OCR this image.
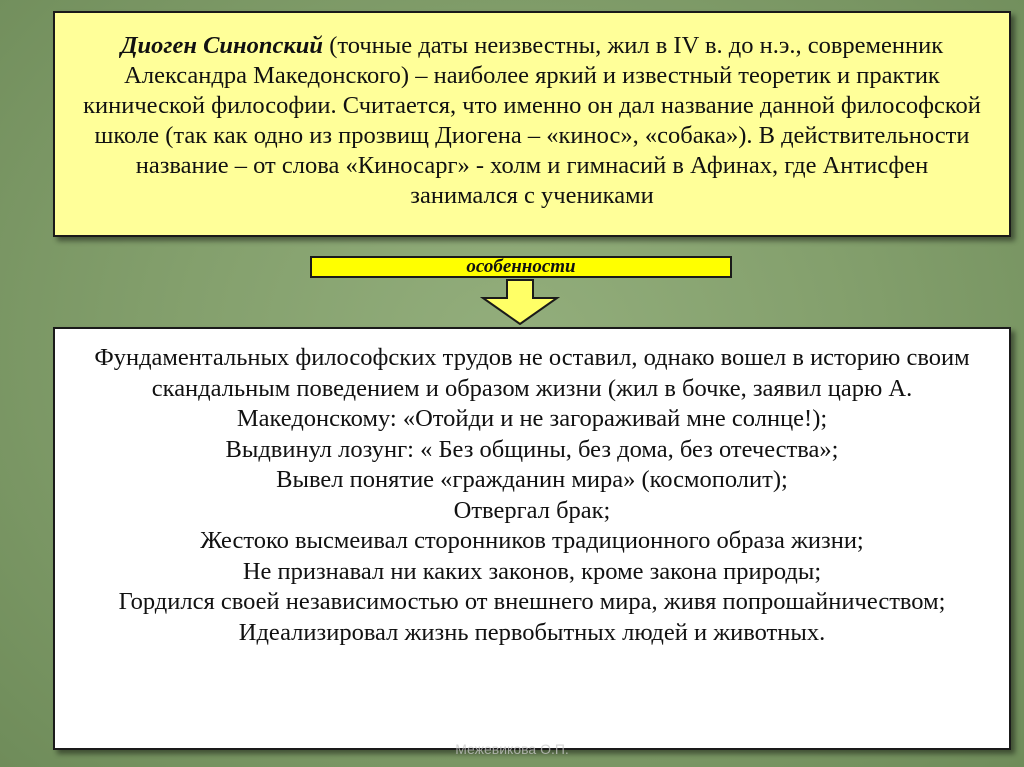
Диоген Синопский (точные даты неизвестны, жил в IV в. до н.э., современник Александра Македонского) – наиболее яркий и известный теоретик и практик кинической философии. Считается, что именно он дал название данной философской школе (так как одно из прозвищ Диогена – «кинос», «собака»). В действительности название – от слова «Киносарг» - холм и гимнасий в Афинах, где Антисфен занимался с учениками
особенности
Фундаментальных философских трудов не оставил, однако вошел в историю своим скандальным поведением и образом жизни (жил в бочке, заявил царю А. Македонскому: «Отойди и не загораживай мне солнце!);
Выдвинул лозунг: « Без общины, без дома, без отечества»;
Вывел понятие «гражданин мира» (космополит);
Отвергал брак;
Жестоко высмеивал сторонников традиционного образа жизни;
Не признавал ни каких законов, кроме закона природы;
Гордился своей независимостью от внешнего мира, живя попрошайничеством;
Идеализировал жизнь первобытных людей и животных.
Межевикова О.П.
